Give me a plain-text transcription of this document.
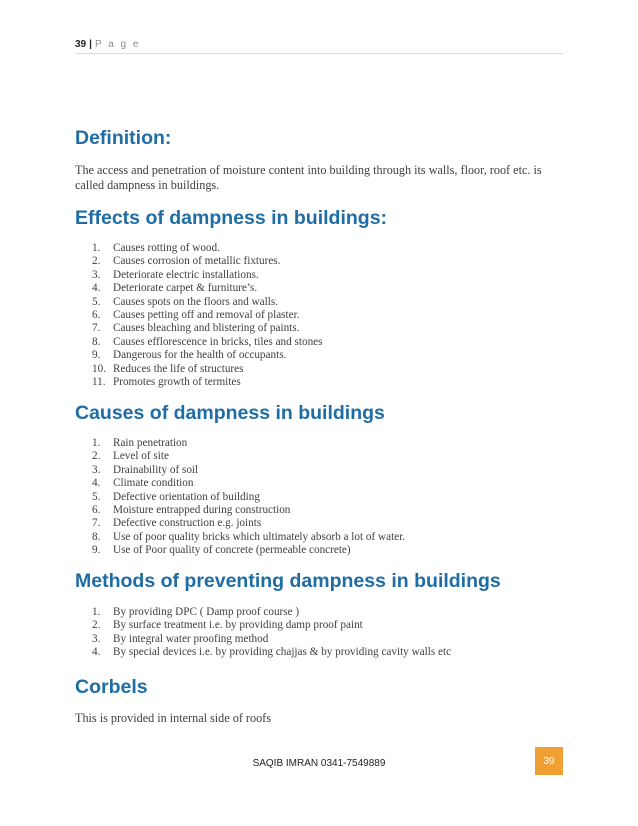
39 | P a g e
Definition:

The access and penetration of moisture content into building through its walls, floor, roof etc. is called dampness in buildings.

Effects of dampness in buildings:
1. Causes rotting of wood.
2. Causes corrosion of metallic fixtures.
3. Deteriorate electric installations.
4. Deteriorate carpet & furniture’s.
5. Causes spots on the floors and walls.
6. Causes petting off and removal of plaster.
7. Causes bleaching and blistering of paints.
8. Causes efflorescence in bricks, tiles and stones
9. Dangerous for the health of occupants.
10. Reduces the life of structures
11. Promotes growth of termites
Causes of dampness in buildings
1. Rain penetration
2. Level of site
3. Drainability of soil
4. Climate condition
5. Defective orientation of building
6. Moisture entrapped during construction
7. Defective construction e.g. joints
8. Use of poor quality bricks which ultimately absorb a lot of water.
9. Use of Poor quality of concrete (permeable concrete)
Methods of preventing dampness in buildings
1. By providing DPC ( Damp proof course )
2. By surface treatment i.e. by providing damp proof paint
3. By integral water proofing method
4. By special devices i.e. by providing chajjas & by providing cavity walls etc
Corbels

This is provided in internal side of roofs

SAQIB IMRAN 0341-7549889	39
